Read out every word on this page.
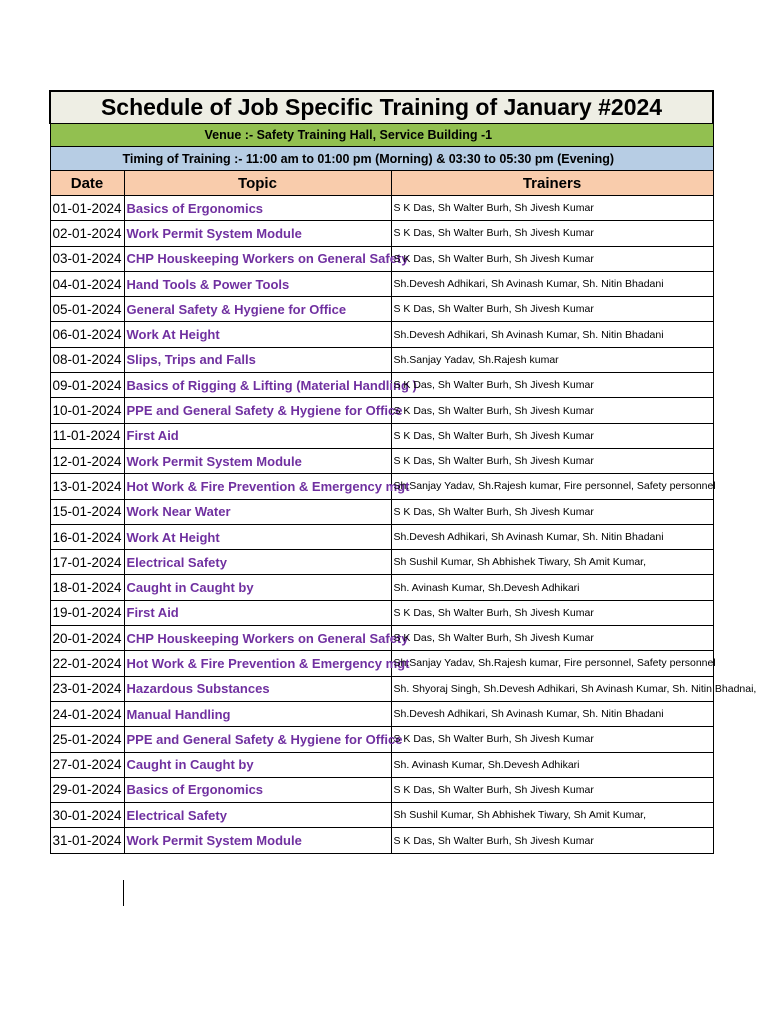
Schedule of Job Specific Training of January #2024		
Venue :- Safety Training Hall, Service Building -1		
Timing of Training :- 11:00 am to 01:00 pm (Morning) & 03:30 to 05:30 pm (Evening)		
Date	Topic	Trainers
01-01-2024	Basics of Ergonomics	S K Das, Sh Walter Burh, Sh Jivesh Kumar
02-01-2024	Work Permit System Module	S K Das, Sh Walter Burh, Sh Jivesh Kumar
03-01-2024	CHP Houskeeping Workers on General Safety	S K Das, Sh Walter Burh, Sh Jivesh Kumar
04-01-2024	Hand Tools & Power Tools	Sh.Devesh Adhikari, Sh Avinash Kumar, Sh. Nitin Bhadani
05-01-2024	General Safety & Hygiene for Office	S K Das, Sh Walter Burh, Sh Jivesh Kumar
06-01-2024	Work At Height	Sh.Devesh Adhikari, Sh Avinash Kumar, Sh. Nitin Bhadani
08-01-2024	Slips, Trips and Falls	Sh.Sanjay Yadav, Sh.Rajesh kumar
09-01-2024	Basics of Rigging & Lifting (Material Handling )	S K Das, Sh Walter Burh, Sh Jivesh Kumar
10-01-2024	PPE and General Safety & Hygiene for Office	S K Das, Sh Walter Burh, Sh Jivesh Kumar
11-01-2024	First Aid	S K Das, Sh Walter Burh, Sh Jivesh Kumar
12-01-2024	Work Permit System Module	S K Das, Sh Walter Burh, Sh Jivesh Kumar
13-01-2024	Hot Work & Fire Prevention & Emergency mgt	Sh.Sanjay Yadav, Sh.Rajesh kumar, Fire personnel, Safety personnel
15-01-2024	Work Near Water	S K Das, Sh Walter Burh, Sh Jivesh Kumar
16-01-2024	Work At Height	Sh.Devesh Adhikari, Sh Avinash Kumar, Sh. Nitin Bhadani
17-01-2024	Electrical Safety	Sh Sushil Kumar, Sh Abhishek Tiwary, Sh Amit Kumar,
18-01-2024	Caught in Caught by	Sh. Avinash Kumar, Sh.Devesh Adhikari
19-01-2024	First Aid	S K Das, Sh Walter Burh, Sh Jivesh Kumar
20-01-2024	CHP Houskeeping Workers on General Safety	S K Das, Sh Walter Burh, Sh Jivesh Kumar
22-01-2024	Hot Work & Fire Prevention & Emergency mgt	Sh.Sanjay Yadav, Sh.Rajesh kumar, Fire personnel, Safety personnel
23-01-2024	Hazardous Substances	Sh. Shyoraj Singh, Sh.Devesh Adhikari, Sh Avinash Kumar, Sh. Nitin Bhadnai,
24-01-2024	Manual Handling	Sh.Devesh Adhikari, Sh Avinash Kumar, Sh. Nitin Bhadani
25-01-2024	PPE and General Safety & Hygiene for Office	S K Das, Sh Walter Burh, Sh Jivesh Kumar
27-01-2024	Caught in Caught by	Sh. Avinash Kumar, Sh.Devesh Adhikari
29-01-2024	Basics of Ergonomics	S K Das, Sh Walter Burh, Sh Jivesh Kumar
30-01-2024	Electrical Safety	Sh Sushil Kumar, Sh Abhishek Tiwary, Sh Amit Kumar,
31-01-2024	Work Permit System Module	S K Das, Sh Walter Burh, Sh Jivesh Kumar
